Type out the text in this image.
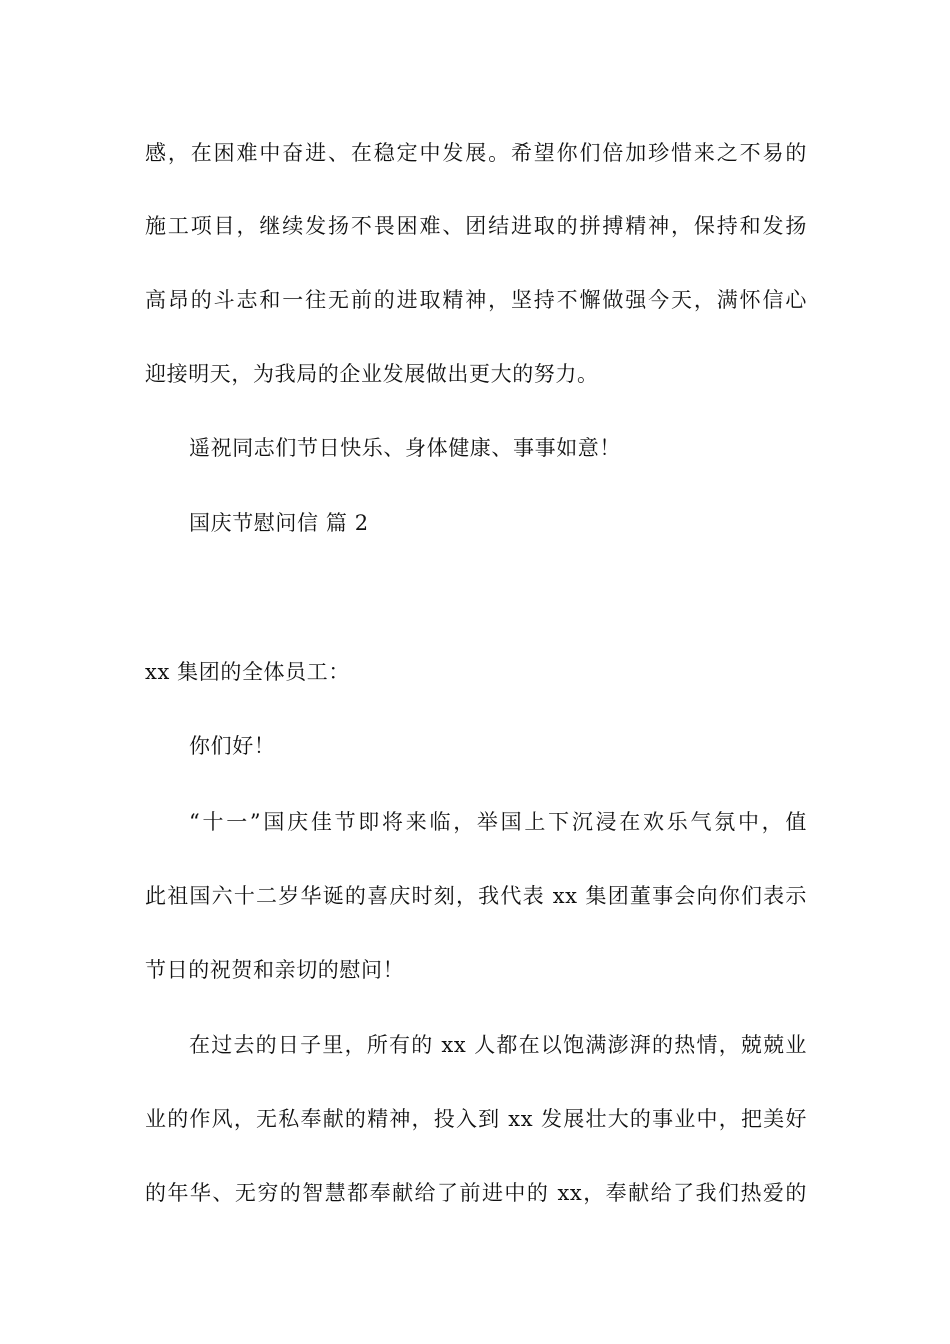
感，在困难中奋进、在稳定中发展。希望你们倍加珍惜来之不易的
施工项目，继续发扬不畏困难、团结进取的拼搏精神，保持和发扬
高昂的斗志和一往无前的进取精神，坚持不懈做强今天，满怀信心
迎接明天，为我局的企业发展做出更大的努力。
遥祝同志们节日快乐、身体健康、事事如意！
国庆节慰问信 篇 2
xx 集团的全体员工：
你们好！
“十一”国庆佳节即将来临，举国上下沉浸在欢乐气氛中，值
此祖国六十二岁华诞的喜庆时刻，我代表 xx 集团董事会向你们表示
节日的祝贺和亲切的慰问！
在过去的日子里，所有的 xx 人都在以饱满澎湃的热情，兢兢业
业的作风，无私奉献的精神，投入到 xx 发展壮大的事业中，把美好
的年华、无穷的智慧都奉献给了前进中的 xx，奉献给了我们热爱的
